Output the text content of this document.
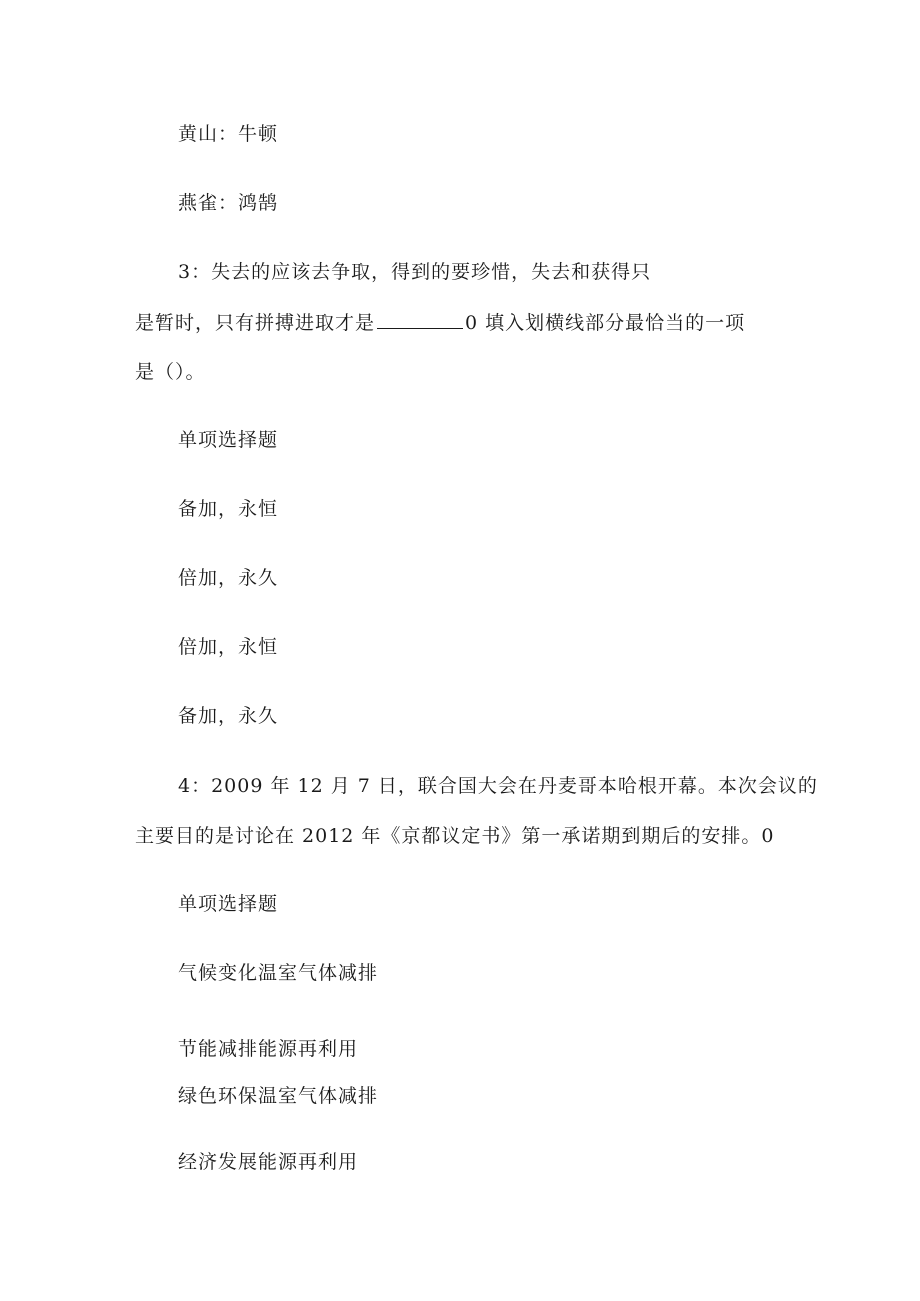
黄山：牛顿
燕雀：鸿鹄
3：失去的应该去争取，得到的要珍惜，失去和获得只
是暂时，只有拼搏进取才是	0 填入划横线部分最恰当的一项
是（）。
单项选择题
备加，永恒
倍加，永久
倍加，永恒
备加，永久
4：2009 年 12 月 7 日，联合国大会在丹麦哥本哈根开幕。本次会议的
主要目的是讨论在 2012 年《京都议定书》第一承诺期到期后的安排。0
单项选择题
气候变化温室气体减排
节能减排能源再利用
绿色环保温室气体减排
经济发展能源再利用
